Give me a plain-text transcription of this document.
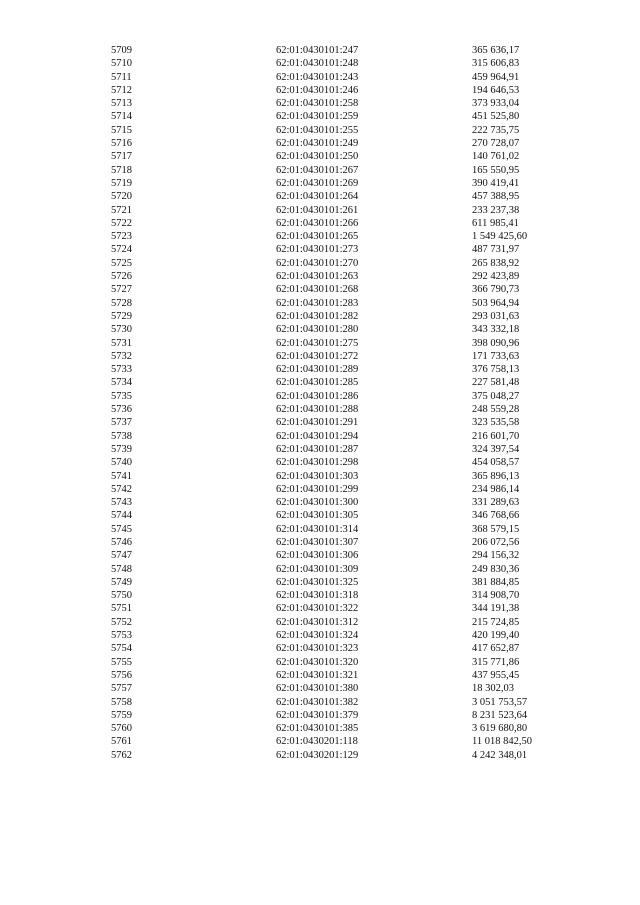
5709	62:01:0430101:247	365 636,17
5710	62:01:0430101:248	315 606,83
5711	62:01:0430101:243	459 964,91
5712	62:01:0430101:246	194 646,53
5713	62:01:0430101:258	373 933,04
5714	62:01:0430101:259	451 525,80
5715	62:01:0430101:255	222 735,75
5716	62:01:0430101:249	270 728,07
5717	62:01:0430101:250	140 761,02
5718	62:01:0430101:267	165 550,95
5719	62:01:0430101:269	390 419,41
5720	62:01:0430101:264	457 388,95
5721	62:01:0430101:261	233 237,38
5722	62:01:0430101:266	611 985,41
5723	62:01:0430101:265	1 549 425,60
5724	62:01:0430101:273	487 731,97
5725	62:01:0430101:270	265 838,92
5726	62:01:0430101:263	292 423,89
5727	62:01:0430101:268	366 790,73
5728	62:01:0430101:283	503 964,94
5729	62:01:0430101:282	293 031,63
5730	62:01:0430101:280	343 332,18
5731	62:01:0430101:275	398 090,96
5732	62:01:0430101:272	171 733,63
5733	62:01:0430101:289	376 758,13
5734	62:01:0430101:285	227 581,48
5735	62:01:0430101:286	375 048,27
5736	62:01:0430101:288	248 559,28
5737	62:01:0430101:291	323 535,58
5738	62:01:0430101:294	216 601,70
5739	62:01:0430101:287	324 397,54
5740	62:01:0430101:298	454 058,57
5741	62:01:0430101:303	365 896,13
5742	62:01:0430101:299	234 986,14
5743	62:01:0430101:300	331 289,63
5744	62:01:0430101:305	346 768,66
5745	62:01:0430101:314	368 579,15
5746	62:01:0430101:307	206 072,56
5747	62:01:0430101:306	294 156,32
5748	62:01:0430101:309	249 830,36
5749	62:01:0430101:325	381 884,85
5750	62:01:0430101:318	314 908,70
5751	62:01:0430101:322	344 191,38
5752	62:01:0430101:312	215 724,85
5753	62:01:0430101:324	420 199,40
5754	62:01:0430101:323	417 652,87
5755	62:01:0430101:320	315 771,86
5756	62:01:0430101:321	437 955,45
5757	62:01:0430101:380	18 302,03
5758	62:01:0430101:382	3 051 753,57
5759	62:01:0430101:379	8 231 523,64
5760	62:01:0430101:385	3 619 680,80
5761	62:01:0430201:118	11 018 842,50
5762	62:01:0430201:129	4 242 348,01
